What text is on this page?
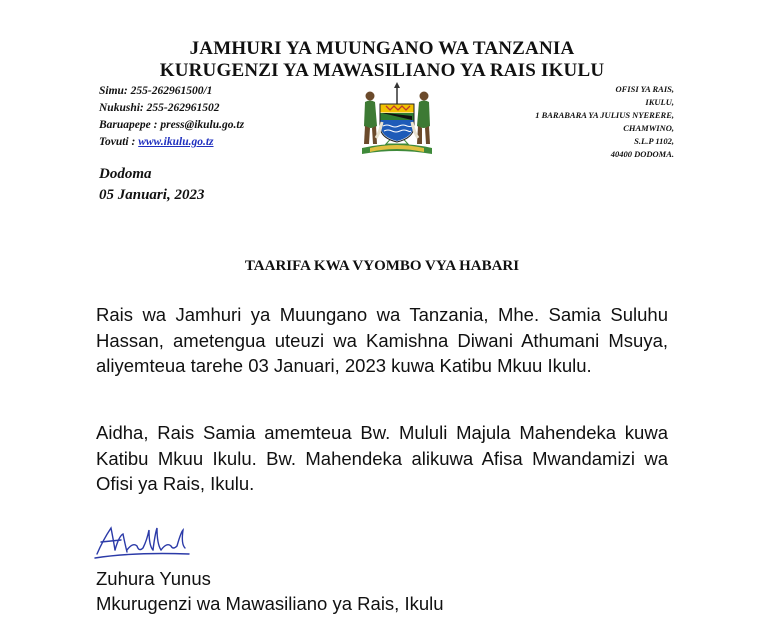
JAMHURI YA MUUNGANO WA TANZANIA
KURUGENZI YA MAWASILIANO YA RAIS IKULU
Simu: 255-262961500/1
Nukushi: 255-262961502
Baruapepe : press@ikulu.go.tz
Tovuti : www.ikulu.go.tz
OFISI YA RAIS,
IKULU,
1 BARABARA YA JULIUS NYERERE,
CHAMWINO,
S.L.P 1102,
40400 DODOMA.
Dodoma
05 Januari, 2023
TAARIFA KWA VYOMBO VYA HABARI
Rais wa Jamhuri ya Muungano wa Tanzania, Mhe. Samia Suluhu Hassan, ametengua uteuzi wa Kamishna Diwani Athumani Msuya, aliyemteua tarehe 03 Januari, 2023 kuwa Katibu Mkuu Ikulu.
Aidha, Rais Samia amemteua Bw. Mululi Majula Mahendeka kuwa Katibu Mkuu Ikulu. Bw. Mahendeka alikuwa Afisa Mwandamizi wa Ofisi ya Rais, Ikulu.
Zuhura Yunus
Mkurugenzi wa Mawasiliano ya Rais, Ikulu
